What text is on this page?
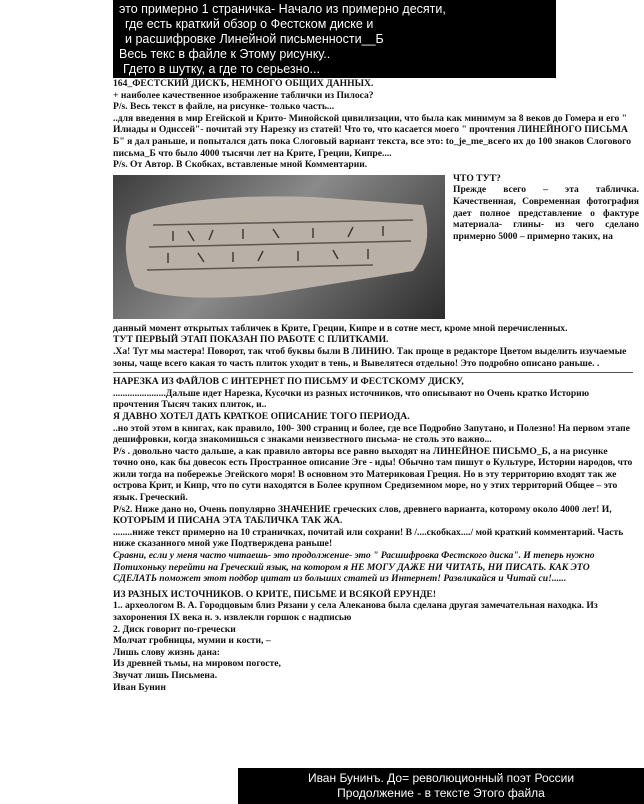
это примерно 1 страничка- Начало из примерно десяти,
где есть краткий обзор о Фестском диске и
и расшифровке Линейной письменности__Б
Весь текс в файле к Этому рисунку..
Гдето в шутку, а где то серьезно...

164_ФЕСТСКИЙ ДИСКЪ, НЕМНОГО ОБЩИХ ДАННЫХ.

+ наиболее качественное изображение таблички из Пилоса?

P/s. Весь текст в файле, на рисунке- только часть...

..для введения в мир Егейской и Крито- Минойской цивилизации, что была как минимум за 8 веков до Гомера и его " Илиады и Одиссей"- почитай эту Нарезку из статей! Что то, что касается моего " прочтения ЛИНЕЙНОГО ПИСЬМА Б" я дал раньше, и попытался дать пока Слоговый вариант текста, все это: to_je_me_всего их до 100 знаков Слогового письма_Б что было 4000 тысячи лет на Крите, Греции, Кипре....

P/s. От Автор. В Скобках, вставленые мной Комментарии.

ЧТО ТУТ?

Прежде всего – эта табличка. Качественная, Современная фотография дает полное представление о фактуре материала- глины- из чего сделано примерно 5000 – примерно таких, на

данный момент открытых табличек в Крите, Греции, Кипре и в сотне мест, кроме мной перечисленных.

ТУТ ПЕРВЫЙ ЭТАП ПОКАЗАН ПО РАБОТЕ С ПЛИТКАМИ.

.Ха! Тут мы мастера! Поворот, так чтоб буквы были В ЛИНИЮ. Так проще в редакторе Цветом выделить изучаемые зоны, чаще всего какая то часть плиток уходит в тень, и Вывелятеся отдельно! Это подробно описано раньше. .

НАРЕЗКА ИЗ ФАЙЛОВ С ИНТЕРНЕТ ПО ПИСЬМУ И ФЕСТСКОМУ ДИСКУ,

......................Дальше идет Нарезка, Кусочки из разных источников, что описывают но Очень кратко Историю прочтения Тысяч таких плиток, и..

Я ДАВНО ХОТЕЛ ДАТЬ КРАТКОЕ ОПИСАНИЕ ТОГО ПЕРИОДА.

..но этой этом в книгах, как правило, 100- 300 страниц и более, где все Подробно Запутано, и Полезно! На первом этапе дешифровки, когда знакомишься с знаками неизвестного письма- не столь это важно...

P/s . довольно часто дальше, а как правило авторы все равно выходят на ЛИНЕЙНОЕ ПИСЬМО_Б, а на рисунке точно оно, как бы довесок есть Пространное описание Эге - иды! Обычно там пишут о Культуре, Истории народов, что жили тогда на побережье Эгейского моря! В основном это Материковая Греция. Но в эту территорию входят так же острова Крит, и Кипр, что по сути находятся в Более крупном Средиземном море, но у этих территорий Общее – это язык. Греческий.

P/s2. Ниже дано но, Очень популярно ЗНАЧЕНИЕ греческих слов, древнего варианта, которому около 4000 лет! И, КОТОРЫМ И ПИСАНА ЭТА ТАБЛИЧКА ТАК ЖА.

........ниже текст примерно на 10 страничках, почитай или сохрани! В /....скобках..../ мой краткий комментарий. Часть ниже сказанного мной уже Подтверждена раньше!

Сравни, если у меня часто читаешь- это продолжение- это " Расшифровка Фестского диска". И теперь нужно Потихоньку перейти на Греческий язык, на котором я НЕ МОГУ ДАЖЕ НИ ЧИТАТЬ, НИ ПИСАТЬ. КАК ЭТО СДЕЛАТЬ поможет этот подбор цитат из больших статей из Интернет! Развликайся и Читай си!......

ИЗ РАЗНЫХ ИСТОЧНИКОВ. О КРИТЕ, ПИСЬМЕ И ВСЯКОЙ ЕРУНДЕ!

1.. археологом В. А. Городцовым близ Рязани у села Алекановa была сделана другая замечательная находка. Из захоронения IX века н. э. извлекли горшок с надписью

2. Диск говорит по-гречески

Молчат гробницы, мумии и кости, –

Лишь слову жизнь дана:

Из древней тьмы, на мировом погосте,

Звучат лишь Письмена.

Иван Бунин

Иван Бунинъ. До= революционный поэт России
Продолжение - в тексте Этого файла
